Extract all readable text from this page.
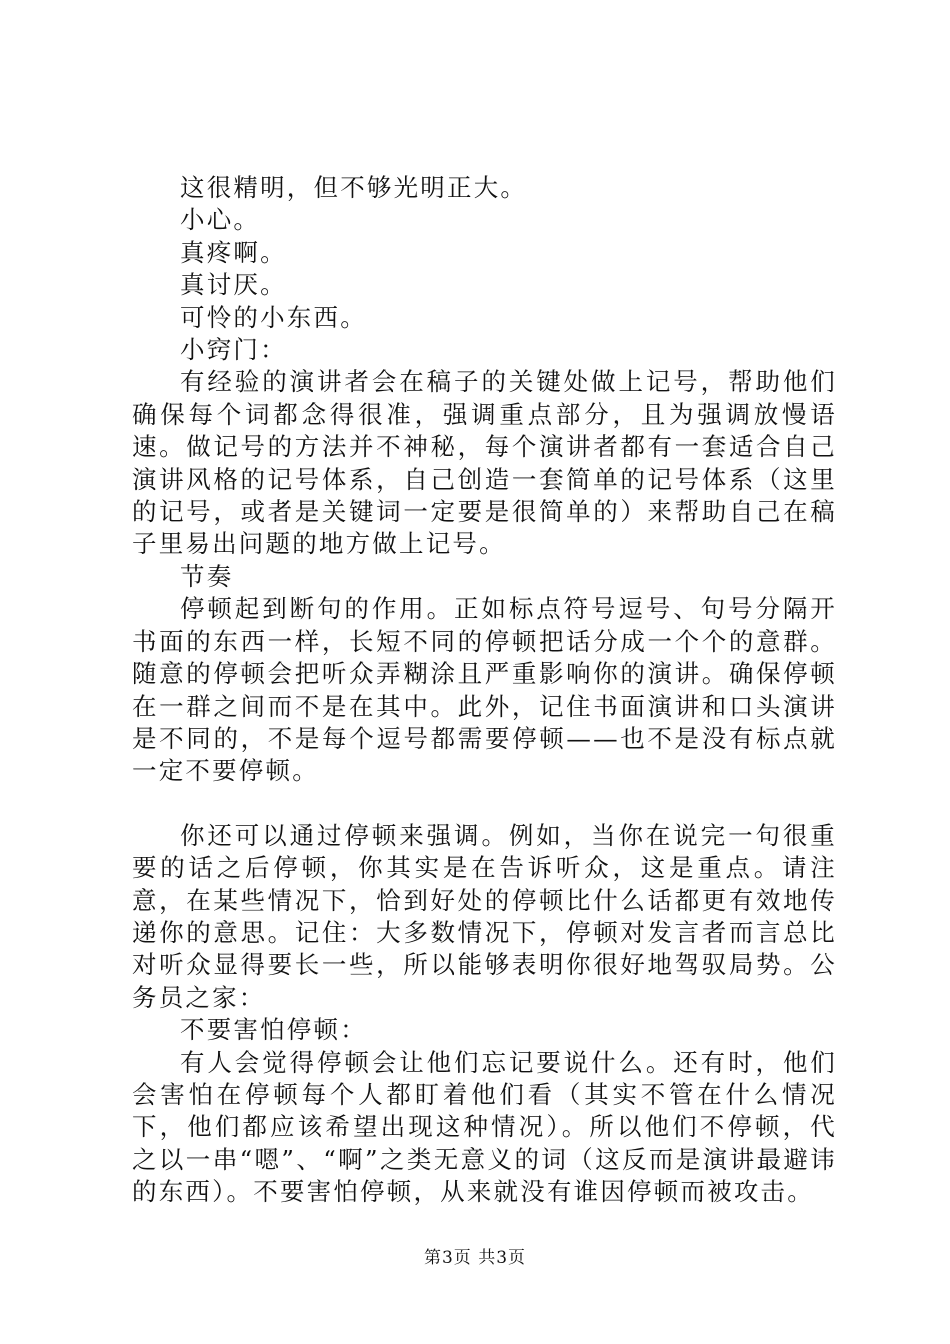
这很精明，但不够光明正大。

小心。

真疼啊。

真讨厌。

可怜的小东西。

小窍门：

有经验的演讲者会在稿子的关键处做上记号，帮助他们确保每个词都念得很准，强调重点部分，且为强调放慢语速。做记号的方法并不神秘，每个演讲者都有一套适合自己演讲风格的记号体系，自己创造一套简单的记号体系（这里的记号，或者是关键词一定要是很简单的）来帮助自己在稿子里易出问题的地方做上记号。

节奏

停顿起到断句的作用。正如标点符号逗号、句号分隔开书面的东西一样，长短不同的停顿把话分成一个个的意群。随意的停顿会把听众弄糊涂且严重影响你的演讲。确保停顿在一群之间而不是在其中。此外，记住书面演讲和口头演讲是不同的，不是每个逗号都需要停顿——也不是没有标点就一定不要停顿。

你还可以通过停顿来强调。例如，当你在说完一句很重要的话之后停顿，你其实是在告诉听众，这是重点。请注意，在某些情况下，恰到好处的停顿比什么话都更有效地传递你的意思。记住：大多数情况下，停顿对发言者而言总比对听众显得要长一些，所以能够表明你很好地驾驭局势。公务员之家：

不要害怕停顿：

有人会觉得停顿会让他们忘记要说什么。还有时，他们会害怕在停顿每个人都盯着他们看（其实不管在什么情况下，他们都应该希望出现这种情况）。所以他们不停顿，代之以一串“嗯”、“啊”之类无意义的词（这反而是演讲最避讳的东西）。不要害怕停顿，从来就没有谁因停顿而被攻击。

第3页 共3页
